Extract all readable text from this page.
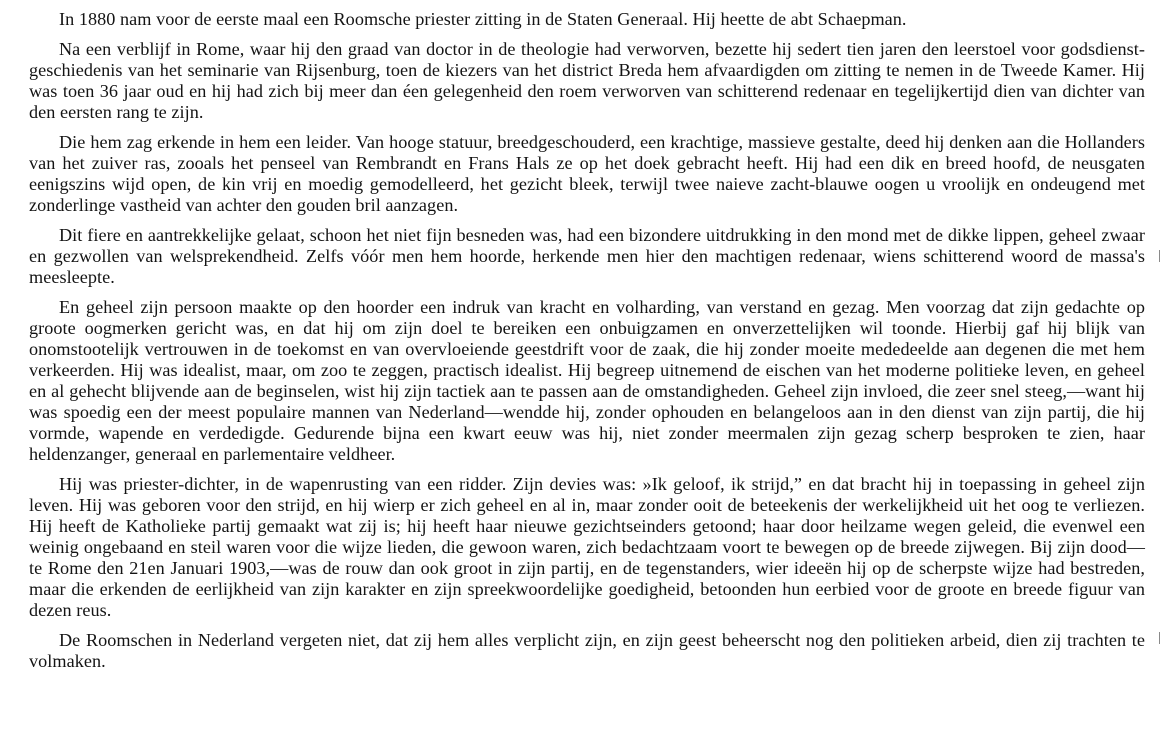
In 1880 nam voor de eerste maal een Roomsche priester zitting in de Staten Generaal. Hij heette de abt Schaepman.

Na een verblijf in Rome, waar hij den graad van doctor in de theologie had verworven, bezette hij sedert tien jaren den leerstoel voor godsdienst-geschiedenis van het seminarie van Rijsenburg, toen de kiezers van het district Breda hem afvaardigden om zitting te nemen in de Tweede Kamer. Hij was toen 36 jaar oud en hij had zich bij meer dan éen gelegenheid den roem verworven van schitterend redenaar en tegelijkertijd dien van dichter van den eersten rang te zijn.

Die hem zag erkende in hem een leider. Van hooge statuur, breedgeschouderd, een krachtige, massieve gestalte, deed hij denken aan die Hollanders van het zuiver ras, zooals het penseel van Rembrandt en Frans Hals ze op het doek gebracht heeft. Hij had een dik en breed hoofd, de neusgaten eenigszins wijd open, de kin vrij en moedig gemodelleerd, het gezicht bleek, terwijl twee naieve zacht-blauwe oogen u vroolijk en ondeugend met zonderlinge vastheid van achter den gouden bril aanzagen.

Dit fiere en aantrekkelijke gelaat, schoon het niet fijn besneden was, had een bizondere uitdrukking in den mond met de dikke lippen, geheel zwaar en gezwollen van welsprekendheid. Zelfs vóór men hem hoorde, herkende men hier den machtigen redenaar, wiens schitterend woord de massa's meesleepte.

En geheel zijn persoon maakte op den hoorder een indruk van kracht en volharding, van verstand en gezag. Men voorzag dat zijn gedachte op groote oogmerken gericht was, en dat hij om zijn doel te bereiken een onbuigzamen en onverzettelijken wil toonde. Hierbij gaf hij blijk van onomstootelijk vertrouwen in de toekomst en van overvloeiende geestdrift voor de zaak, die hij zonder moeite mededeelde aan degenen die met hem verkeerden. Hij was idealist, maar, om zoo te zeggen, practisch idealist. Hij begreep uitnemend de eischen van het moderne politieke leven, en geheel en al gehecht blijvende aan de beginselen, wist hij zijn tactiek aan te passen aan de omstandigheden. Geheel zijn invloed, die zeer snel steeg,—want hij was spoedig een der meest populaire mannen van Nederland—wendde hij, zonder ophouden en belangeloos aan in den dienst van zijn partij, die hij vormde, wapende en verdedigde. Gedurende bijna een kwart eeuw was hij, niet zonder meermalen zijn gezag scherp besproken te zien, haar heldenzanger, generaal en parlementaire veldheer.

Hij was priester-dichter, in de wapenrusting van een ridder. Zijn devies was: »Ik geloof, ik strijd,” en dat bracht hij in toepassing in geheel zijn leven. Hij was geboren voor den strijd, en hij wierp er zich geheel en al in, maar zonder ooit de beteekenis der werkelijkheid uit het oog te verliezen. Hij heeft de Katholieke partij gemaakt wat zij is; hij heeft haar nieuwe gezichtseinders getoond; haar door heilzame wegen geleid, die evenwel een weinig ongebaand en steil waren voor die wijze lieden, die gewoon waren, zich bedachtzaam voort te bewegen op de breede zijwegen. Bij zijn dood—te Rome den 21en Januari 1903,—was de rouw dan ook groot in zijn partij, en de tegenstanders, wier ideeën hij op de scherpste wijze had bestreden, maar die erkenden de eerlijkheid van zijn karakter en zijn spreekwoordelijke goedigheid, betoonden hun eerbied voor de groote en breede figuur van dezen reus.

De Roomschen in Nederland vergeten niet, dat zij hem alles verplicht zijn, en zijn geest beheerscht nog den politieken arbeid, dien zij trachten te volmaken.
